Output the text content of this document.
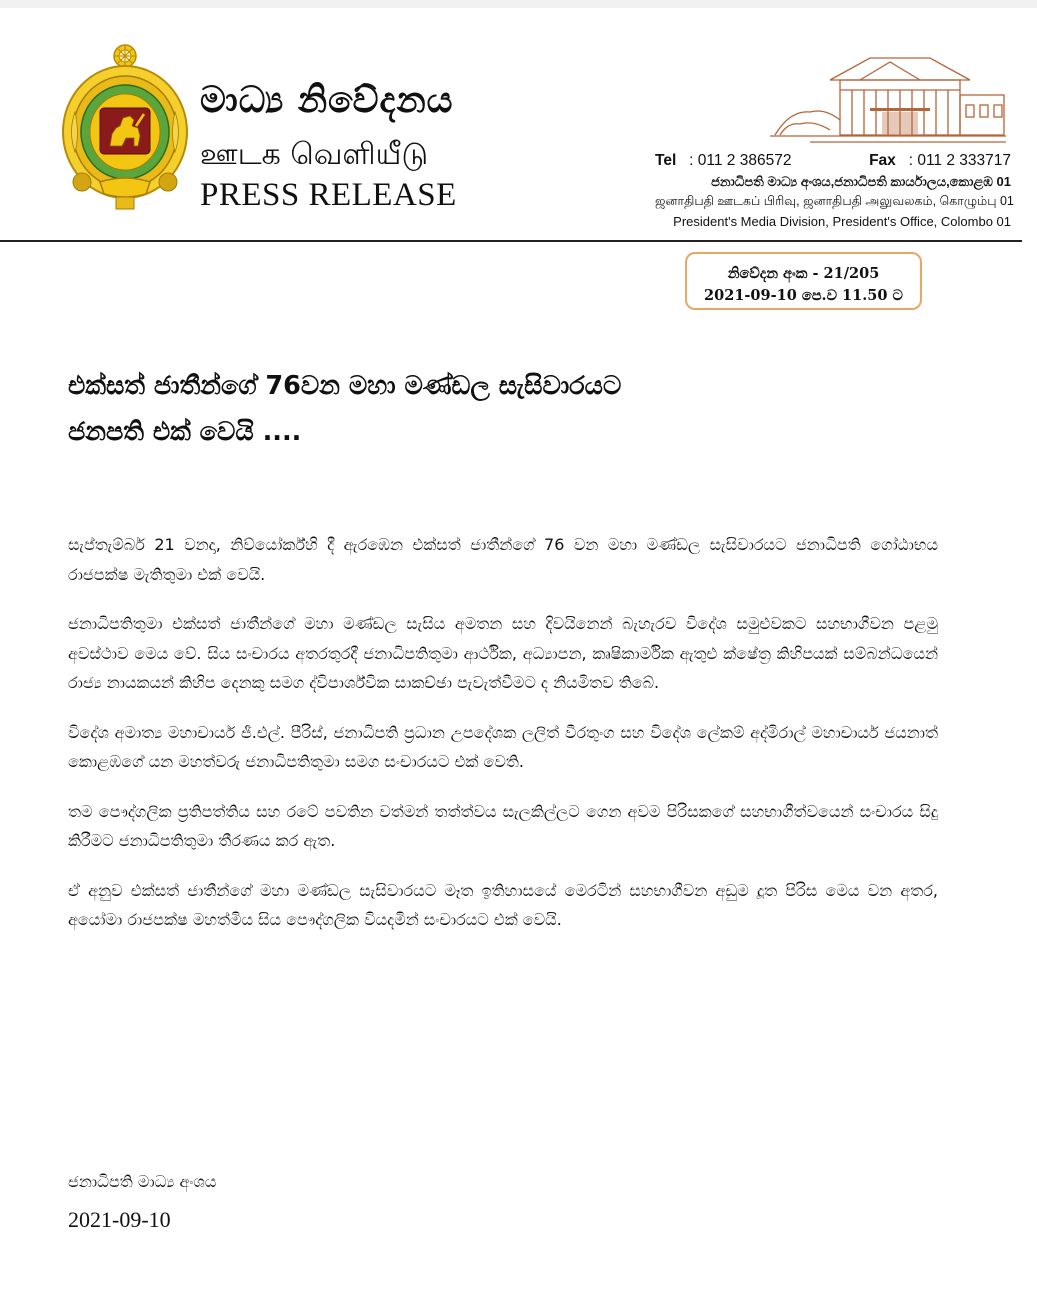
මාධ්‍ය නිවේදනය
ஊடக வெளியீடு
PRESS RELEASE
Tel : 011 2 386572	Fax : 011 2 333717
ජනාධිපති මාධ්‍ය අංශය,ජනාධිපති කාර්යාලය,කොළඹ 01
ஜனாதிபதி ஊடகப் பிரிவு, ஜனாதிபதி அலுவலகம், கொழும்பு 01
President's Media Division, President's Office, Colombo 01
නිවේදන අංක - 21/205
2021-09-10 පෙ.ව 11.50 ට
එක්සත් ජාතීන්ගේ 76වන මහා මණ්ඩල සැසිවාරයට
ජනපති එක් වෙයි ....

සැප්තැම්බර් 21 වනදා, නිව්යෝර්ක්හි දී ඇරඹෙන එක්සත් ජාතීන්ගේ 76 වන මහා මණ්ඩල සැසිවාරයට ජනාධිපති ගෝඨාභය රාජපක්ෂ මැතිතුමා එක් වෙයි.

ජනාධිපතිතුමා එක්සත් ජාතීන්ගේ මහා මණ්ඩල සැසිය අමතන සහ දිවයිනෙන් බැහැරව විදේශ සමුළුවකට සහභාගීවන පළමු අවස්ථාව මෙය වේ. සිය සංචාරය අතරතුරදී ජනාධිපතිතුමා ආර්ථික, අධ්‍යාපන, කෘෂිකාර්මික ඇතුළු ක්ෂේත්‍ර කිහිපයක් සම්බන්ධයෙන් රාජ්‍ය නායකයන් කිහිප දෙනකු සමග ද්විපාර්ශ්වික සාකච්ඡා පැවැත්වීමට ද නියමිතව තිබේ.

විදේශ අමාත්‍ය මහාචාර්ය ජී.එල්. පීරිස්, ජනාධිපති ප්‍රධාන උපදේශක ලලිත් වීරතුංග සහ විදේශ ලේකම් අද්මිරාල් මහාචාර්ය ජයනාත් කොළඹගේ යන මහත්වරු ජනාධිපතිතුමා සමග සංචාරයට එක් වෙති.

තම පෞද්ගලික ප්‍රතිපත්තිය සහ රටේ පවතින වත්මන් තත්ත්වය සැලකිල්ලට ගෙන අවම පිරිසකගේ සහභාගීත්වයෙන් සංචාරය සිදු කිරීමට ජනාධිපතිතුමා තීරණය කර ඇත.

ඒ අනුව එක්සත් ජාතීන්ගේ මහා මණ්ඩල සැසිවාරයට මෑත ඉතිහාසයේ මෙරටින් සහභාගීවන අඩුම දූත පිරිස මෙය වන අතර, අයෝමා රාජපක්ෂ මහත්මිය සිය පෞද්ගලික වියදමින් සංචාරයට එක් වෙයි.

ජනාධිපති මාධ්‍ය අංශය
2021-09-10
